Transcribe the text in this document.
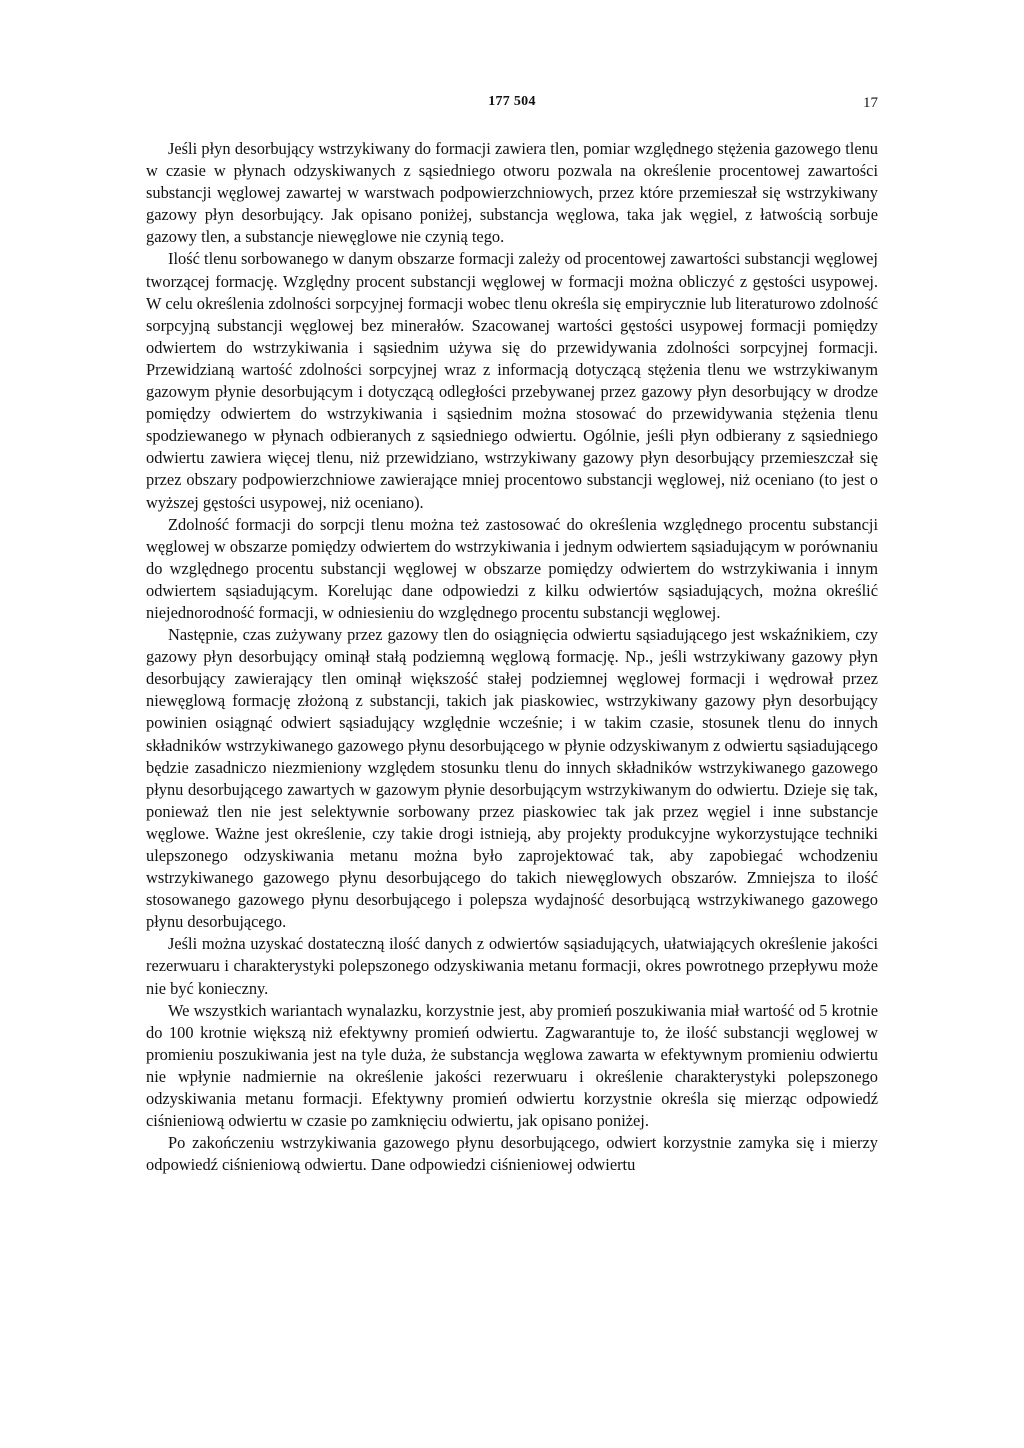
177 504	17

Jeśli płyn desorbujący wstrzykiwany do formacji zawiera tlen, pomiar względnego stężenia gazowego tlenu w czasie w płynach odzyskiwanych z sąsiedniego otworu pozwala na określenie procentowej zawartości substancji węglowej zawartej w warstwach podpowierzchniowych, przez które przemieszał się wstrzykiwany gazowy płyn desorbujący. Jak opisano poniżej, substancja węglowa, taka jak węgiel, z łatwością sorbuje gazowy tlen, a substancje niewęglowe nie czynią tego.

Ilość tlenu sorbowanego w danym obszarze formacji zależy od procentowej zawartości substancji węglowej tworzącej formację. Względny procent substancji węglowej w formacji można obliczyć z gęstości usypowej. W celu określenia zdolności sorpcyjnej formacji wobec tlenu określa się empirycznie lub literaturowo zdolność sorpcyjną substancji węglowej bez minerałów. Szacowanej wartości gęstości usypowej formacji pomiędzy odwiertem do wstrzykiwania i sąsiednim używa się do przewidywania zdolności sorpcyjnej formacji. Przewidzianą wartość zdolności sorpcyjnej wraz z informacją dotyczącą stężenia tlenu we wstrzykiwanym gazowym płynie desorbującym i dotyczącą odległości przebywanej przez gazowy płyn desorbujący w drodze pomiędzy odwiertem do wstrzykiwania i sąsiednim można stosować do przewidywania stężenia tlenu spodziewanego w płynach odbieranych z sąsiedniego odwiertu. Ogólnie, jeśli płyn odbierany z sąsiedniego odwiertu zawiera więcej tlenu, niż przewidziano, wstrzykiwany gazowy płyn desorbujący przemieszczał się przez obszary podpowierzchniowe zawierające mniej procentowo substancji węglowej, niż oceniano (to jest o wyższej gęstości usypowej, niż oceniano).

Zdolność formacji do sorpcji tlenu można też zastosować do określenia względnego procentu substancji węglowej w obszarze pomiędzy odwiertem do wstrzykiwania i jednym odwiertem sąsiadującym w porównaniu do względnego procentu substancji węglowej w obszarze pomiędzy odwiertem do wstrzykiwania i innym odwiertem sąsiadującym. Korelując dane odpowiedzi z kilku odwiertów sąsiadujących, można określić niejednorodność formacji, w odniesieniu do względnego procentu substancji węglowej.

Następnie, czas zużywany przez gazowy tlen do osiągnięcia odwiertu sąsiadującego jest wskaźnikiem, czy gazowy płyn desorbujący ominął stałą podziemną węglową formację. Np., jeśli wstrzykiwany gazowy płyn desorbujący zawierający tlen ominął większość stałej podziemnej węglowej formacji i wędrował przez niewęglową formację złożoną z substancji, takich jak piaskowiec, wstrzykiwany gazowy płyn desorbujący powinien osiągnąć odwiert sąsiadujący względnie wcześnie; i w takim czasie, stosunek tlenu do innych składników wstrzykiwanego gazowego płynu desorbującego w płynie odzyskiwanym z odwiertu sąsiadującego będzie zasadniczo niezmieniony względem stosunku tlenu do innych składników wstrzykiwanego gazowego płynu desorbującego zawartych w gazowym płynie desorbującym wstrzykiwanym do odwiertu. Dzieje się tak, ponieważ tlen nie jest selektywnie sorbowany przez piaskowiec tak jak przez węgiel i inne substancje węglowe. Ważne jest określenie, czy takie drogi istnieją, aby projekty produkcyjne wykorzystujące techniki ulepszonego odzyskiwania metanu można było zaprojektować tak, aby zapobiegać wchodzeniu wstrzykiwanego gazowego płynu desorbującego do takich niewęglowych obszarów. Zmniejsza to ilość stosowanego gazowego płynu desorbującego i polepsza wydajność desorbującą wstrzykiwanego gazowego płynu desorbującego.

Jeśli można uzyskać dostateczną ilość danych z odwiertów sąsiadujących, ułatwiających określenie jakości rezerwuaru i charakterystyki polepszonego odzyskiwania metanu formacji, okres powrotnego przepływu może nie być konieczny.

We wszystkich wariantach wynalazku, korzystnie jest, aby promień poszukiwania miał wartość od 5 krotnie do 100 krotnie większą niż efektywny promień odwiertu. Zagwarantuje to, że ilość substancji węglowej w promieniu poszukiwania jest na tyle duża, że substancja węglowa zawarta w efektywnym promieniu odwiertu nie wpłynie nadmiernie na określenie jakości rezerwuaru i określenie charakterystyki polepszonego odzyskiwania metanu formacji. Efektywny promień odwiertu korzystnie określa się mierząc odpowiedź ciśnieniową odwiertu w czasie po zamknięciu odwiertu, jak opisano poniżej.

Po zakończeniu wstrzykiwania gazowego płynu desorbującego, odwiert korzystnie zamyka się i mierzy odpowiedź ciśnieniową odwiertu. Dane odpowiedzi ciśnieniowej odwiertu
